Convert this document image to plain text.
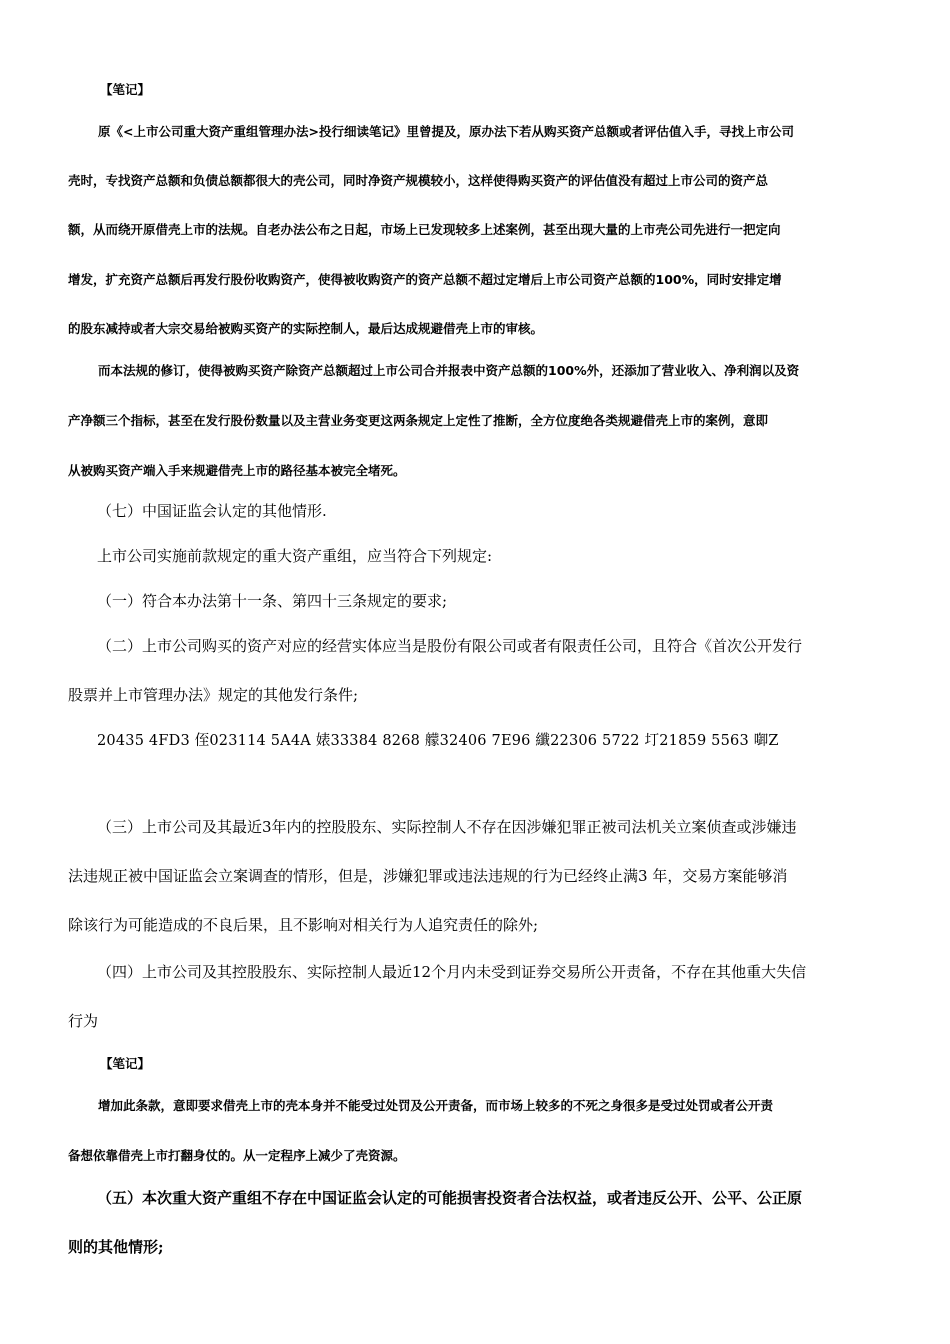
【笔记】
原《<上市公司重大资产重组管理办法>投行细读笔记》里曾提及，原办法下若从购买资产总额或者评估值入手，寻找上市公司
壳时，专找资产总额和负债总额都很大的壳公司，同时净资产规模较小，这样使得购买资产的评估值没有超过上市公司的资产总
额，从而绕开原借壳上市的法规。自老办法公布之日起，市场上已发现较多上述案例，甚至出现大量的上市壳公司先进行一把定向
增发，扩充资产总额后再发行股份收购资产，使得被收购资产的资产总额不超过定增后上市公司资产总额的100%，同时安排定增
的股东减持或者大宗交易给被购买资产的实际控制人，最后达成规避借壳上市的审核。
而本法规的修订，使得被购买资产除资产总额超过上市公司合并报表中资产总额的100%外，还添加了营业收入、净利润以及资
产净额三个指标，甚至在发行股份数量以及主营业务变更这两条规定上定性了推断，全方位度绝各类规避借壳上市的案例，意即
从被购买资产端入手来规避借壳上市的路径基本被完全堵死。
（七）中国证监会认定的其他情形.
上市公司实施前款规定的重大资产重组，应当符合下列规定:
（一）符合本办法第十一条、第四十三条规定的要求;
（二）上市公司购买的资产对应的经营实体应当是股份有限公司或者有限责任公司，且符合《首次公开发行
股票并上市管理办法》规定的其他发行条件;
20435 4FD3 侄023114 5A4A 婊33384 8268 艨32406 7E96 纖22306 5722 圢21859 5563 啣Z
（三）上市公司及其最近3年内的控股股东、实际控制人不存在因涉嫌犯罪正被司法机关立案侦查或涉嫌违
法违规正被中国证监会立案调查的情形，但是，涉嫌犯罪或违法违规的行为已经终止满3 年，交易方案能够消
除该行为可能造成的不良后果，且不影响对相关行为人追究责任的除外;
（四）上市公司及其控股股东、实际控制人最近12个月内未受到证券交易所公开责备，不存在其他重大失信
行为
【笔记】
增加此条款，意即要求借壳上市的壳本身并不能受过处罚及公开责备，而市场上较多的不死之身很多是受过处罚或者公开责
备想依靠借壳上市打翻身仗的。从一定程序上减少了壳资源。
（五）本次重大资产重组不存在中国证监会认定的可能损害投资者合法权益，或者违反公开、公平、公正原
则的其他情形;
